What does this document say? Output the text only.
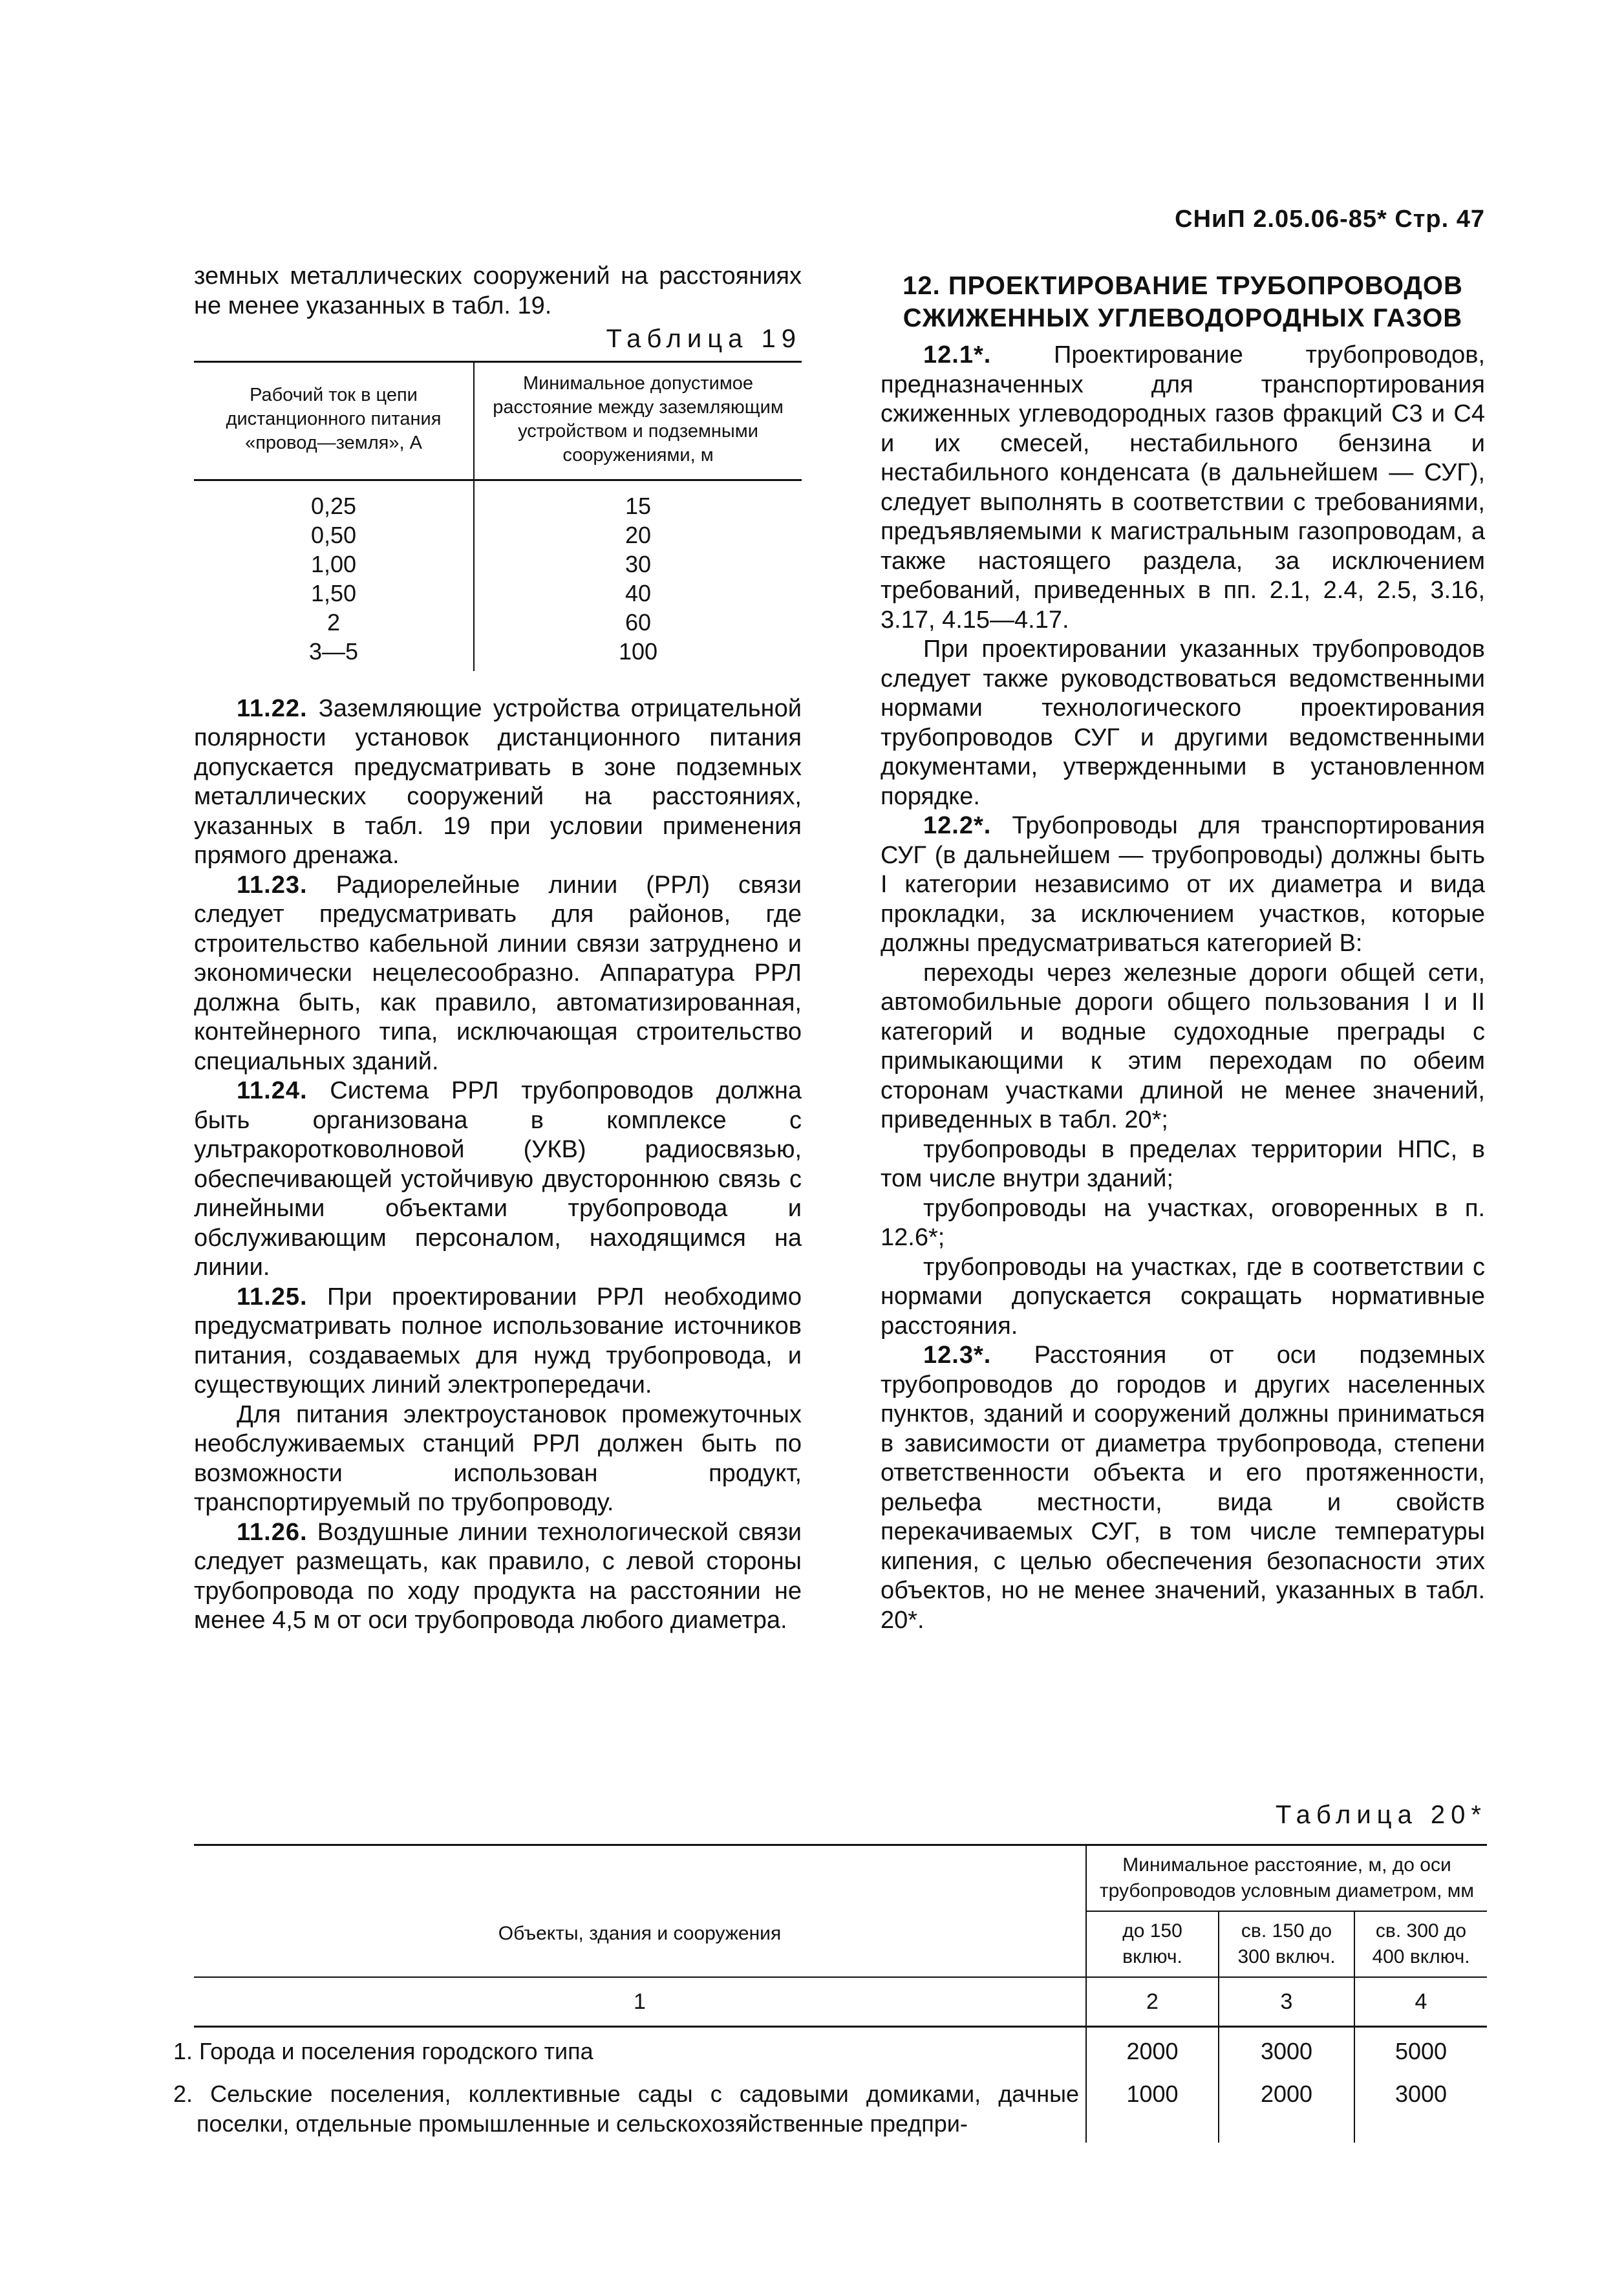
СНиП 2.05.06-85* Стр. 47

земных металлических сооружений на расстояниях не менее указанных в табл. 19.

Таблица 19
Рабочий ток в цепи дистанционного питания «провод—земля», А	Минимальное допустимое расстояние между заземляющим устройством и подземными сооружениями, м
0,25	15
0,50	20
1,00	30
1,50	40
2	60
3—5	100

11.22. Заземляющие устройства отрицательной полярности установок дистанционного питания допускается предусматривать в зоне подземных металлических сооружений на расстояниях, указанных в табл. 19 при условии применения прямого дренажа.

11.23. Радиорелейные линии (РРЛ) связи следует предусматривать для районов, где строительство кабельной линии связи затруднено и экономически нецелесообразно. Аппаратура РРЛ должна быть, как правило, автоматизированная, контейнерного типа, исключающая строительство специальных зданий.

11.24. Система РРЛ трубопроводов должна быть организована в комплексе с ультракоротковолновой (УКВ) радиосвязью, обеспечивающей устойчивую двустороннюю связь с линейными объектами трубопровода и обслуживающим персоналом, находящимся на линии.

11.25. При проектировании РРЛ необходимо предусматривать полное использование источников питания, создаваемых для нужд трубопровода, и существующих линий электропередачи.

Для питания электроустановок промежуточных необслуживаемых станций РРЛ должен быть по возможности использован продукт, транспортируемый по трубопроводу.

11.26. Воздушные линии технологической связи следует размещать, как правило, с левой стороны трубопровода по ходу продукта на расстоянии не менее 4,5 м от оси трубопровода любого диаметра.

12. ПРОЕКТИРОВАНИЕ ТРУБОПРОВОДОВ СЖИЖЕННЫХ УГЛЕВОДОРОДНЫХ ГАЗОВ

12.1*.	Проектирование трубопроводов, предназначенных для транспортирования сжиженных углеводородных газов фракций С3 и С4 и их смесей, нестабильного бензина и нестабильного конденсата (в дальнейшем — СУГ), следует выполнять в соответствии с требованиями, предъявляемыми к магистральным газопроводам, а также настоящего раздела, за исключением требований, приведенных в пп. 2.1, 2.4, 2.5, 3.16, 3.17, 4.15—4.17.

При проектировании указанных трубопроводов следует также руководствоваться ведомственными нормами технологического проектирования трубопроводов СУГ и другими ведомственными документами, утвержденными в установленном порядке.

12.2*. Трубопроводы для транспортирования СУГ (в дальнейшем — трубопроводы) должны быть I категории независимо от их диаметра и вида прокладки, за исключением участков, которые должны предусматриваться категорией В:

переходы через железные дороги общей сети, автомобильные дороги общего пользования I и II категорий и водные судоходные преграды с примыкающими к этим переходам по обеим сторонам участками длиной не менее значений, приведенных в табл. 20*;

трубопроводы в пределах территории НПС, в том числе внутри зданий;

трубопроводы на участках, оговоренных в п. 12.6*;

трубопроводы на участках, где в соответствии с нормами допускается сокращать нормативные расстояния.

12.3*. Расстояния от оси подземных трубопроводов до городов и других населенных пунктов, зданий и сооружений должны приниматься в зависимости от диаметра трубопровода, степени ответственности объекта и его протяженности, рельефа местности, вида и свойств перекачиваемых СУГ, в том числе температуры кипения, с целью обеспечения безопасности этих объектов, но не менее значений, указанных в табл. 20*.

Таблица 20*
Объекты, здания и сооружения	Минимальное расстояние, м, до оси трубопроводов условным диаметром, мм		
	до 150 включ.	св. 150 до 300 включ.	св. 300 до 400 включ.
1	2	3	4
1. Города и поселения городского типа	2000	3000	5000
2. Сельские поселения, коллективные сады с садовыми домиками, дачные поселки, отдельные промышленные и сельскохозяйственные предпри-	1000	2000	3000
